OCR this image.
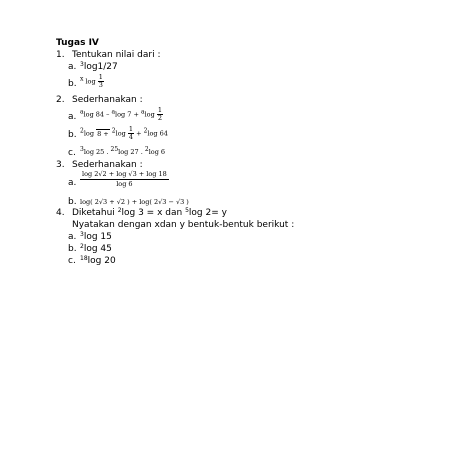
Tugas IV
1. Tentukan nilai dari :
a. $^3$log1/27
b. $^x$ $\log \frac{1}{3}$
2. Sederhanakan :
a. $^a$log 84 – $^a$log $7 + ^a\log \frac{1}{2}$
b. $^2$log $8 + ^2\log \frac{1}{4} + ^2\log$ 64
c. $^3$log 25 . $^{25}$log 27 . $^2$log 6
3. Sederhanakan :
a. $\frac{\log 2√2 + \log √3 + \log 18}{\log 6}$
b. log( 2√3 + √2 ) + log( 2√3 − √3 )
4. Diketahui $^2$log 3 = x dan $^5$log 2= y
Nyatakan dengan xdan y bentuk-bentuk berikut :
a. $^3$log 15
b. $^2$log 45
c. $^{18}$log 20
